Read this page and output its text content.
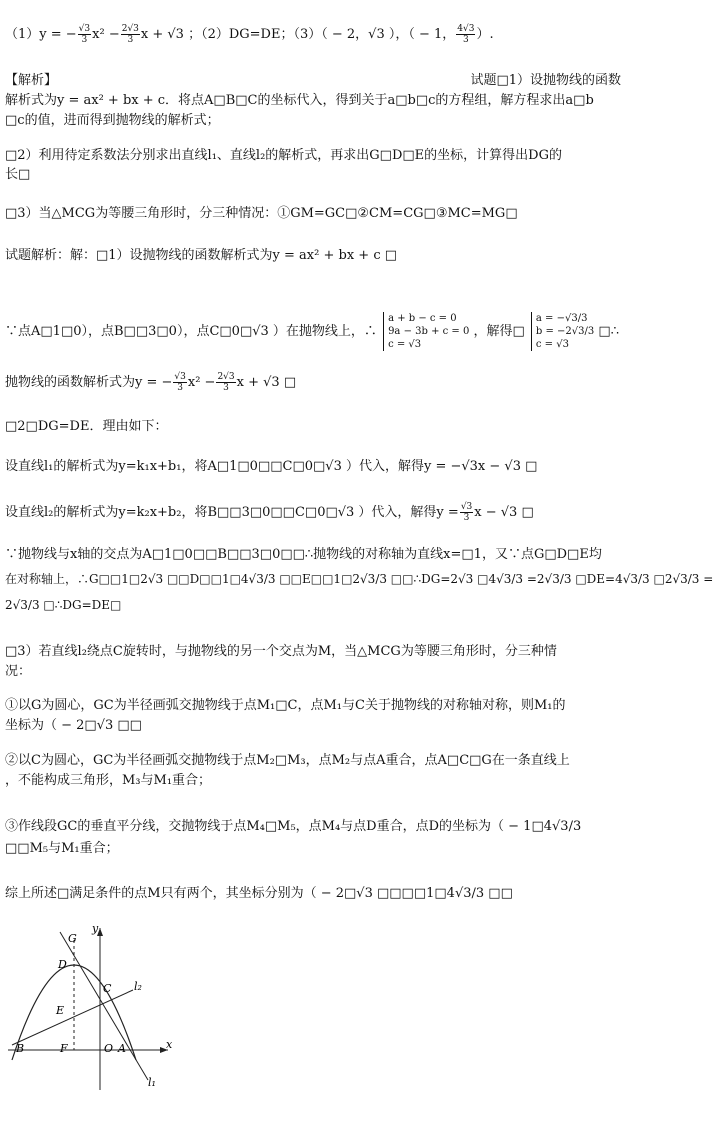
（1）y = − $\frac{√3}{3} x^2 - \frac{2√3}{3}$ x + √3 ；（2）DG=DE；（3）（ − 2，√3 ），（ − 1， $\frac{4√3}{3}$ ）.
【解析】	试题□1）设抛物线的函数
解析式为y = ax² + bx + c．将点A□B□C的坐标代入，得到关于a□b□c的方程组，解方程求出a□b
□c的值，进而得到抛物线的解析式；
□2）利用待定系数法分别求出直线l₁、直线l₂的解析式，再求出G□D□E的坐标，计算得出DG的
长□
□3）当△MCG为等腰三角形时，分三种情况：①GM=GC□②CM=CG□③MC=MG□
试题解析：解：□1）设抛物线的函数解析式为y = ax² + bx + c □
∵点A□1□0），点B□□3□0），点C□0□√3 ）在抛物线上，∴
a + b − c = 0
9a − 3b + c = 0
c = √3
，解得□
a = −√3/3
b = −2√3/3
c = √3
□∴
抛物线的函数解析式为y = − $\frac{√3}{3} x^2 - \frac{2√3}{3}$ x + √3 □
□2□DG=DE．理由如下：
设直线l₁的解析式为y=k₁x+b₁，将A□1□0□□C□0□√3 ）代入，解得y = −√3x − √3 □
设直线l₂的解析式为y=k₂x+b₂，将B□□3□0□□C□0□√3 ）代入，解得$y = \frac{√3}{3}$ x − √3 □
∵抛物线与x轴的交点为A□1□0□□B□□3□0□□∴抛物线的对称轴为直线x=□1，又∵点G□D□E均
在对称轴上，∴G□□1□2√3 □□D□□1□4√3/3 □□E□□1□2√3/3 □□∴DG=2√3 □4√3/3 =2√3/3 □DE=4√3/3 □2√3/3 =
2√3/3 □∴DG=DE□
□3）若直线l₂绕点C旋转时，与抛物线的另一个交点为M，当△MCG为等腰三角形时，分三种情
况：
①以G为圆心，GC为半径画弧交抛物线于点M₁□C，点M₁与C关于抛物线的对称轴对称，则M₁的
坐标为（ − 2□√3 □□
②以C为圆心，GC为半径画弧交抛物线于点M₂□M₃，点M₂与点A重合，点A□C□G在一条直线上
，不能构成三角形，M₃与M₁重合；
③作线段GC的垂直平分线，交抛物线于点M₄□M₅，点M₄与点D重合，点D的坐标为（ − 1□4√3/3
□□M₅与M₁重合；
综上所述□满足条件的点M只有两个，其坐标分别为（ − 2□√3 □□□□1□4√3/3 □□
G
y
D
C l₂
E
B	F	O A	x
l₁
